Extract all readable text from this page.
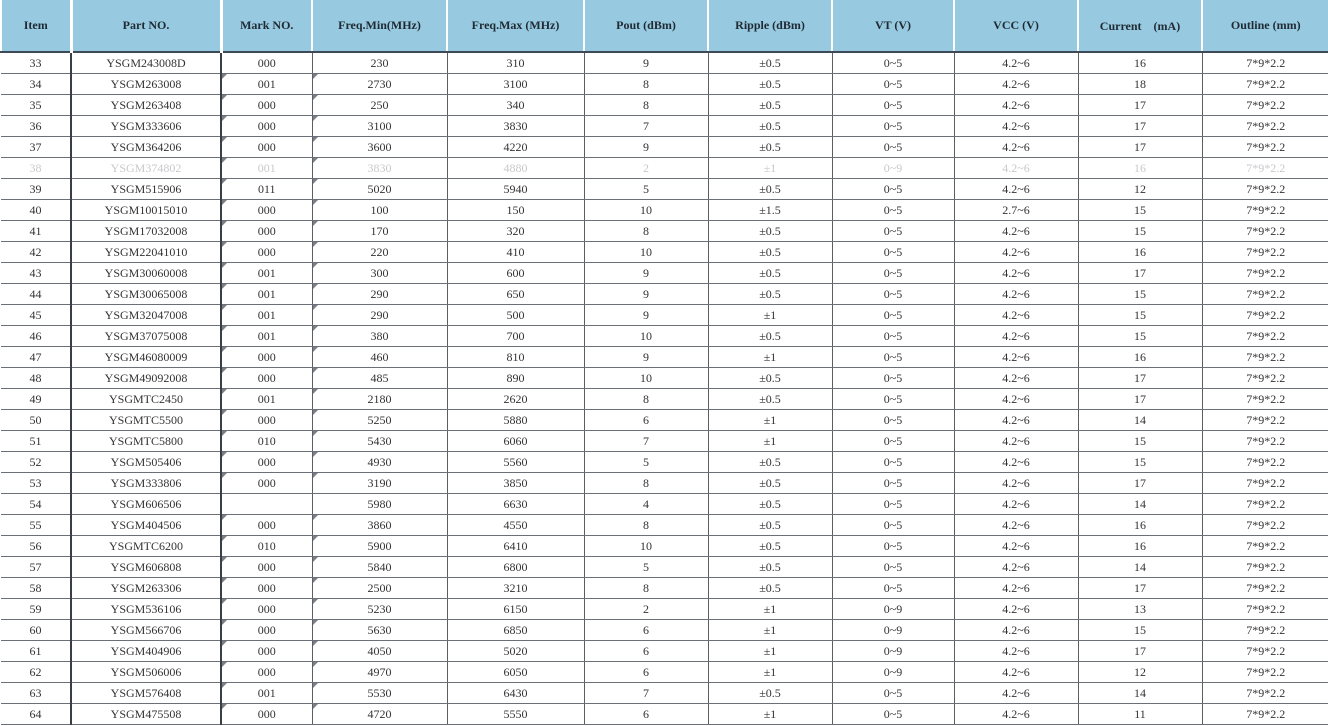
Item	Part NO.	Mark NO.	Freq.Min(MHz)	Freq.Max (MHz)	Pout (dBm)	Ripple (dBm)	VT (V)	VCC (V)	Current　(mA)	Outline (mm)
33	YSGM243008D	000	230	310	9	±0.5	0~5	4.2~6	16	7*9*2.2
34	YSGM263008	001	2730	3100	8	±0.5	0~5	4.2~6	18	7*9*2.2
35	YSGM263408	000	250	340	8	±0.5	0~5	4.2~6	17	7*9*2.2
36	YSGM333606	000	3100	3830	7	±0.5	0~5	4.2~6	17	7*9*2.2
37	YSGM364206	000	3600	4220	9	±0.5	0~5	4.2~6	17	7*9*2.2
38	YSGM374802	001	3830	4880	2	±1	0~9	4.2~6	16	7*9*2.2
39	YSGM515906	011	5020	5940	5	±0.5	0~5	4.2~6	12	7*9*2.2
40	YSGM10015010	000	100	150	10	±1.5	0~5	2.7~6	15	7*9*2.2
41	YSGM17032008	000	170	320	8	±0.5	0~5	4.2~6	15	7*9*2.2
42	YSGM22041010	000	220	410	10	±0.5	0~5	4.2~6	16	7*9*2.2
43	YSGM30060008	001	300	600	9	±0.5	0~5	4.2~6	17	7*9*2.2
44	YSGM30065008	001	290	650	9	±0.5	0~5	4.2~6	15	7*9*2.2
45	YSGM32047008	001	290	500	9	±1	0~5	4.2~6	15	7*9*2.2
46	YSGM37075008	001	380	700	10	±0.5	0~5	4.2~6	15	7*9*2.2
47	YSGM46080009	000	460	810	9	±1	0~5	4.2~6	16	7*9*2.2
48	YSGM49092008	000	485	890	10	±0.5	0~5	4.2~6	17	7*9*2.2
49	YSGMTC2450	001	2180	2620	8	±0.5	0~5	4.2~6	17	7*9*2.2
50	YSGMTC5500	000	5250	5880	6	±1	0~5	4.2~6	14	7*9*2.2
51	YSGMTC5800	010	5430	6060	7	±1	0~5	4.2~6	15	7*9*2.2
52	YSGM505406	000	4930	5560	5	±0.5	0~5	4.2~6	15	7*9*2.2
53	YSGM333806	000	3190	3850	8	±0.5	0~5	4.2~6	17	7*9*2.2
54	YSGM606506		5980	6630	4	±0.5	0~5	4.2~6	14	7*9*2.2
55	YSGM404506	000	3860	4550	8	±0.5	0~5	4.2~6	16	7*9*2.2
56	YSGMTC6200	010	5900	6410	10	±0.5	0~5	4.2~6	16	7*9*2.2
57	YSGM606808	000	5840	6800	5	±0.5	0~5	4.2~6	14	7*9*2.2
58	YSGM263306	000	2500	3210	8	±0.5	0~5	4.2~6	17	7*9*2.2
59	YSGM536106	000	5230	6150	2	±1	0~9	4.2~6	13	7*9*2.2
60	YSGM566706	000	5630	6850	6	±1	0~9	4.2~6	15	7*9*2.2
61	YSGM404906	000	4050	5020	6	±1	0~9	4.2~6	17	7*9*2.2
62	YSGM506006	000	4970	6050	6	±1	0~9	4.2~6	12	7*9*2.2
63	YSGM576408	001	5530	6430	7	±0.5	0~5	4.2~6	14	7*9*2.2
64	YSGM475508	000	4720	5550	6	±1	0~5	4.2~6	11	7*9*2.2
